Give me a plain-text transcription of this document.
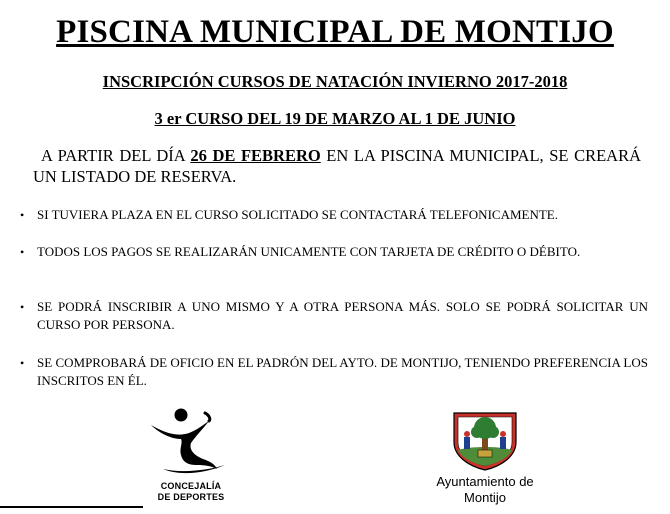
PISCINA MUNICIPAL DE MONTIJO
INSCRIPCIÓN CURSOS DE NATACIÓN INVIERNO 2017-2018
3 er CURSO DEL 19 DE MARZO AL 1 DE JUNIO

A PARTIR DEL DÍA 26 DE FEBRERO EN LA PISCINA MUNICIPAL, SE CREARÁ UN LISTADO DE RESERVA.

• SI TUVIERA PLAZA EN EL CURSO SOLICITADO SE CONTACTARÁ TELEFONICAMENTE.
• TODOS LOS PAGOS SE REALIZARÁN UNICAMENTE CON TARJETA DE CRÉDITO O DÉBITO.
• SE PODRÁ INSCRIBIR A UNO MISMO Y A OTRA PERSONA MÁS. SOLO SE PODRÁ SOLICITAR UN CURSO POR PERSONA.
• SE COMPROBARÁ DE OFICIO EN EL PADRÓN DEL AYTO. DE MONTIJO, TENIENDO PREFERENCIA LOS INSCRITOS EN ÉL.
CONCEJALÍA
DE DEPORTES
Ayuntamiento de
Montijo
